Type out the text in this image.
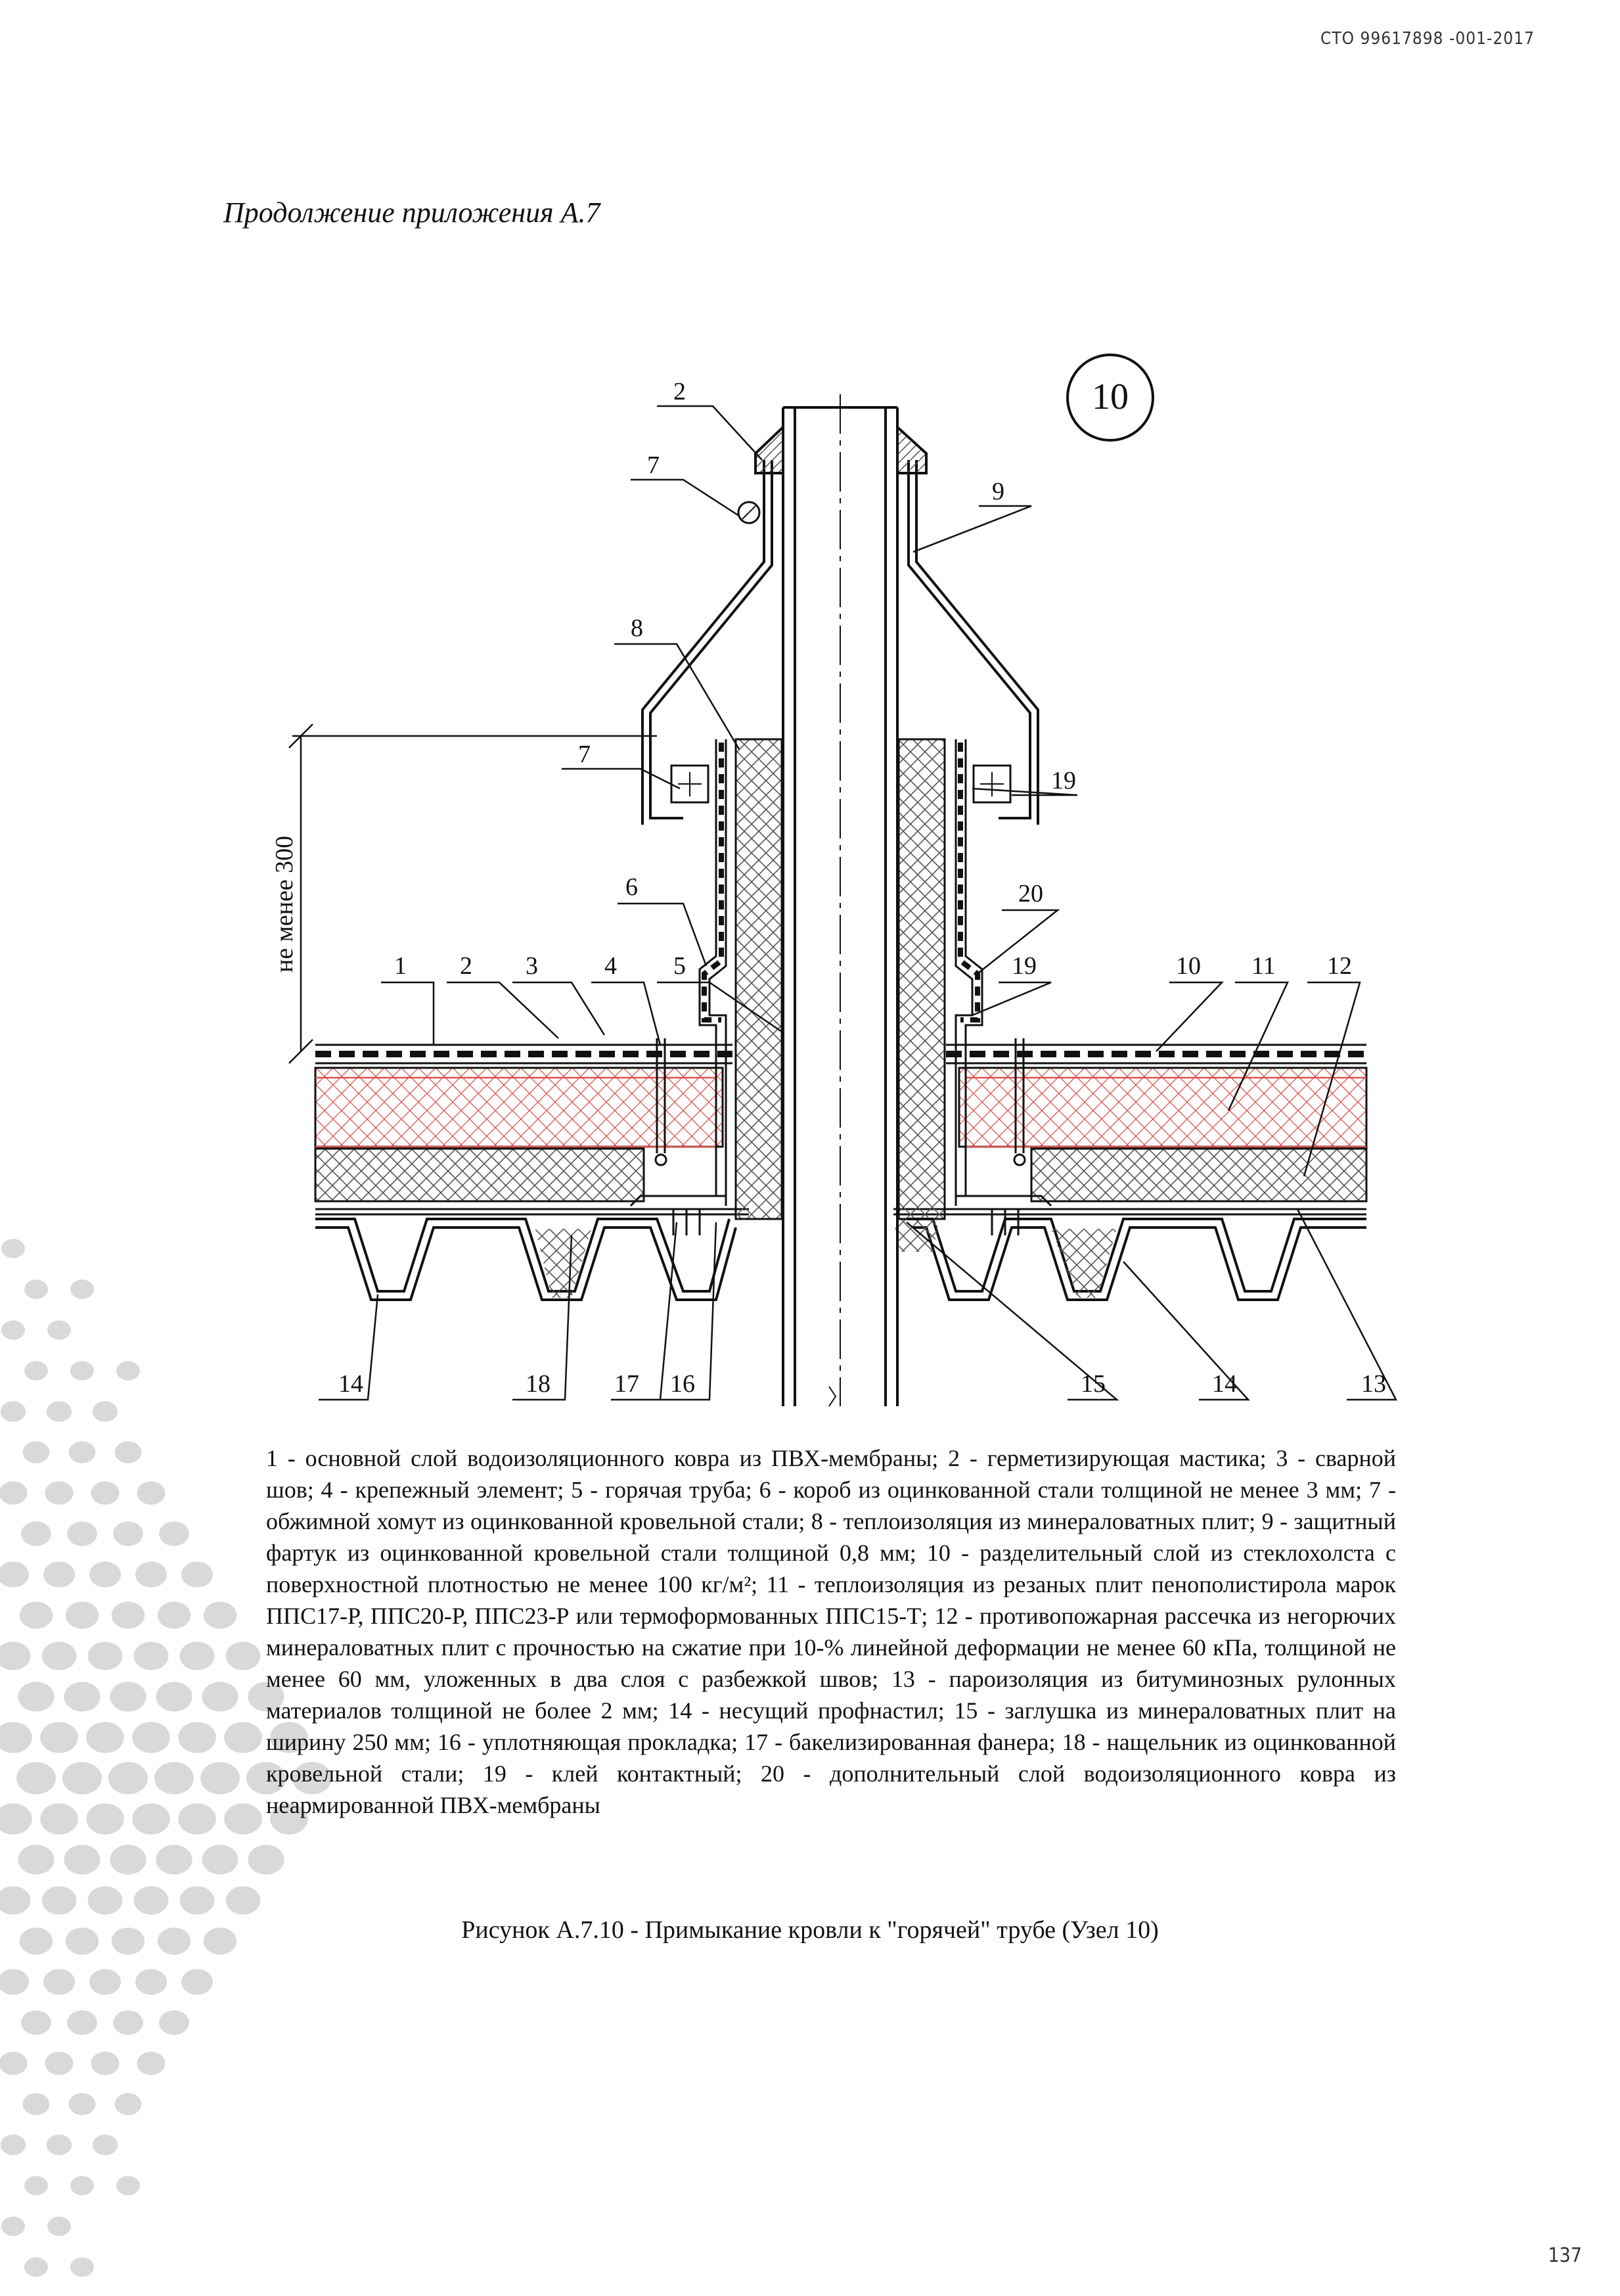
СТО 99617898 -001-2017
Продолжение приложения А.7
не менее 300
10
2
7
9
8
7
19
6	20
1 2 3	4 5	19	10 11 12
14	18	17 16	15	14	13
1 - основной слой водоизоляционного ковра из ПВХ-мембраны; 2 - герметизирующая мастика; 3 - сварной шов; 4 - крепежный элемент; 5 - горячая труба; 6 - короб из оцинкованной стали толщиной не менее 3 мм; 7 - обжимной хомут из оцинкованной кровельной стали; 8 - теплоизоляция из минераловатных плит; 9 - защитный фартук из оцинкованной кровельной стали толщиной 0,8 мм; 10 - разделительный слой из стеклохолста с поверхностной плотностью не менее 100 кг/м²; 11 - теплоизоляция из резаных плит пенополистирола марок ППС17-Р, ППС20-Р, ППС23-Р или термоформованных ППС15-Т; 12 - противопожарная рассечка из негорючих минераловатных плит с прочностью на сжатие при 10-% линейной деформации не менее 60 кПа, толщиной не менее 60 мм, уложенных в два слоя с разбежкой швов; 13 - пароизоляция из битуминозных рулонных материалов толщиной не более 2 мм; 14 - несущий профнастил; 15 - заглушка из минераловатных плит на ширину 250 мм; 16 - уплотняющая прокладка; 17 - бакелизированная фанера; 18 - нащельник из оцинкованной кровельной стали; 19 - клей контактный; 20 - дополнительный слой водоизоляционного ковра из неармированной ПВХ-мембраны
Рисунок А.7.10 - Примыкание кровли к "горячей" трубе (Узел 10)
137
